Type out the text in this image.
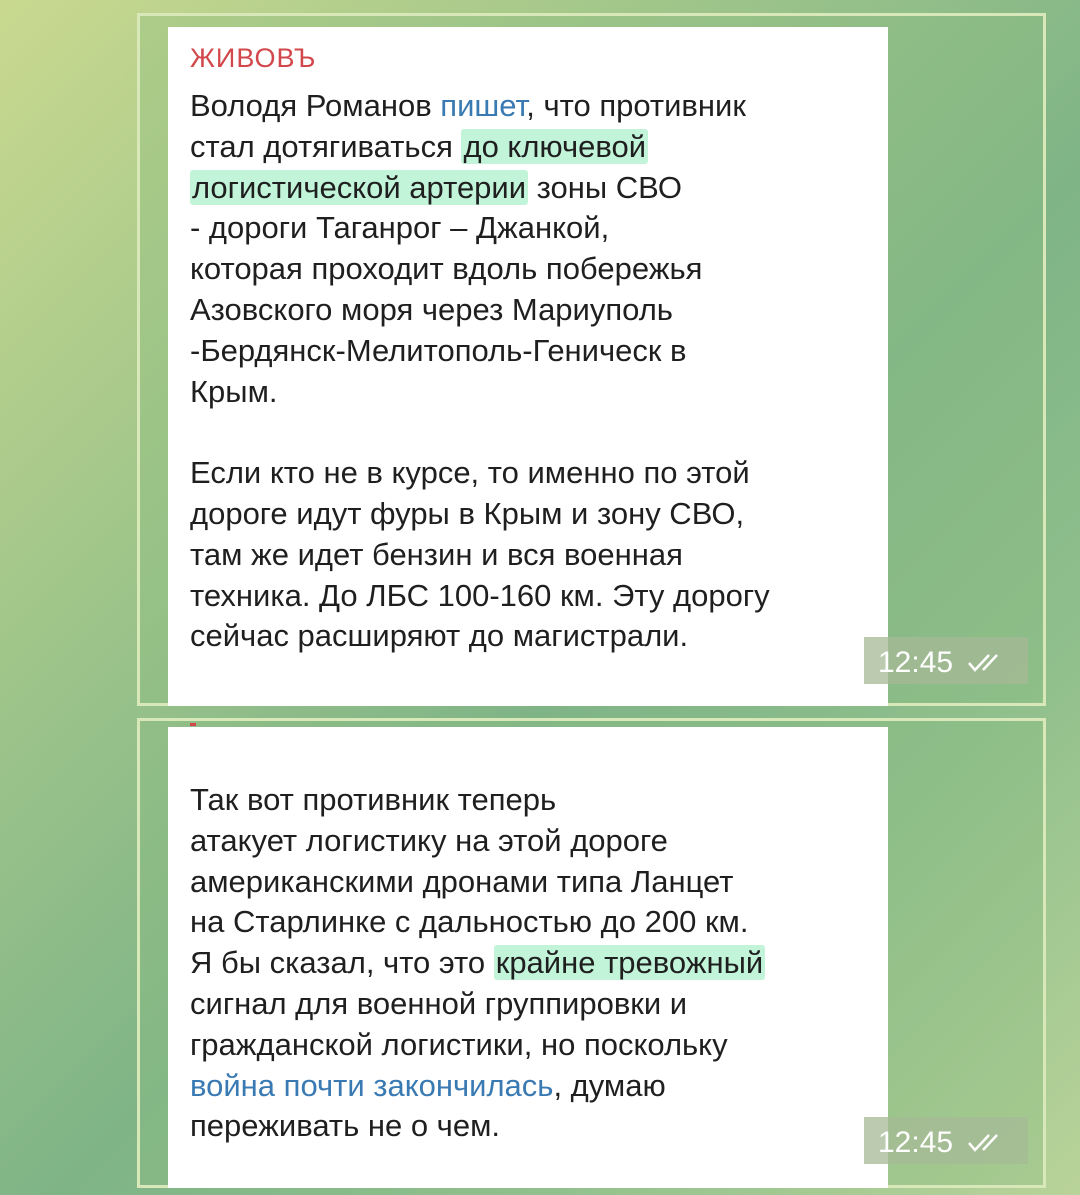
ЖИВОВЪ
Володя Романов пишет, что противник
стал дотягиваться до ключевой
логистической артерии зоны СВО
- дороги Таганрог – Джанкой,
которая проходит вдоль побережья
Азовского моря через Мариуполь
-Бердянск-Мелитополь-Геническ в
Крым.
Если кто не в курсе, то именно по этой
дороге идут фуры в Крым и зону СВО,
там же идет бензин и вся военная
техника. До ЛБС 100-160 км. Эту дорогу
сейчас расширяют до магистрали.
Так вот противник теперь
атакует логистику на этой дороге
американскими дронами типа Ланцет
на Старлинке с дальностью до 200 км.
Я бы сказал, что это крайне тревожный
сигнал для военной группировки и
гражданской логистики, но поскольку
война почти закончилась, думаю
переживать не о чем.
12:45
12:45
